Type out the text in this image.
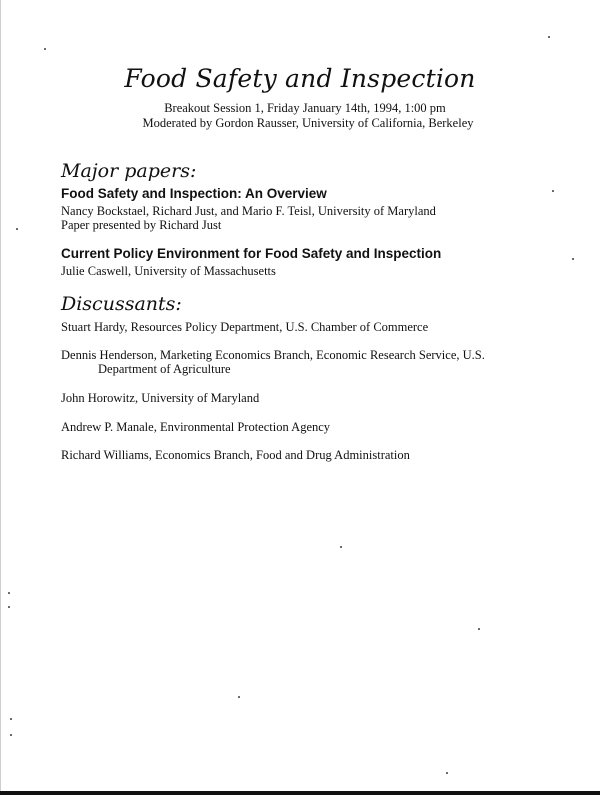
Food Safety and Inspection

Breakout Session 1, Friday January 14th, 1994, 1:00 pm

Moderated by Gordon Rausser, University of California, Berkeley

Major papers:
Food Safety and Inspection: An Overview

Nancy Bockstael, Richard Just, and Mario F. Teisl, University of Maryland

Paper presented by Richard Just

Current Policy Environment for Food Safety and Inspection

Julie Caswell, University of Massachusetts

Discussants:

Stuart Hardy, Resources Policy Department, U.S. Chamber of Commerce

Dennis Henderson, Marketing Economics Branch, Economic Research Service, U.S.

Department of Agriculture

John Horowitz, University of Maryland

Andrew P. Manale, Environmental Protection Agency

Richard Williams, Economics Branch, Food and Drug Administration
